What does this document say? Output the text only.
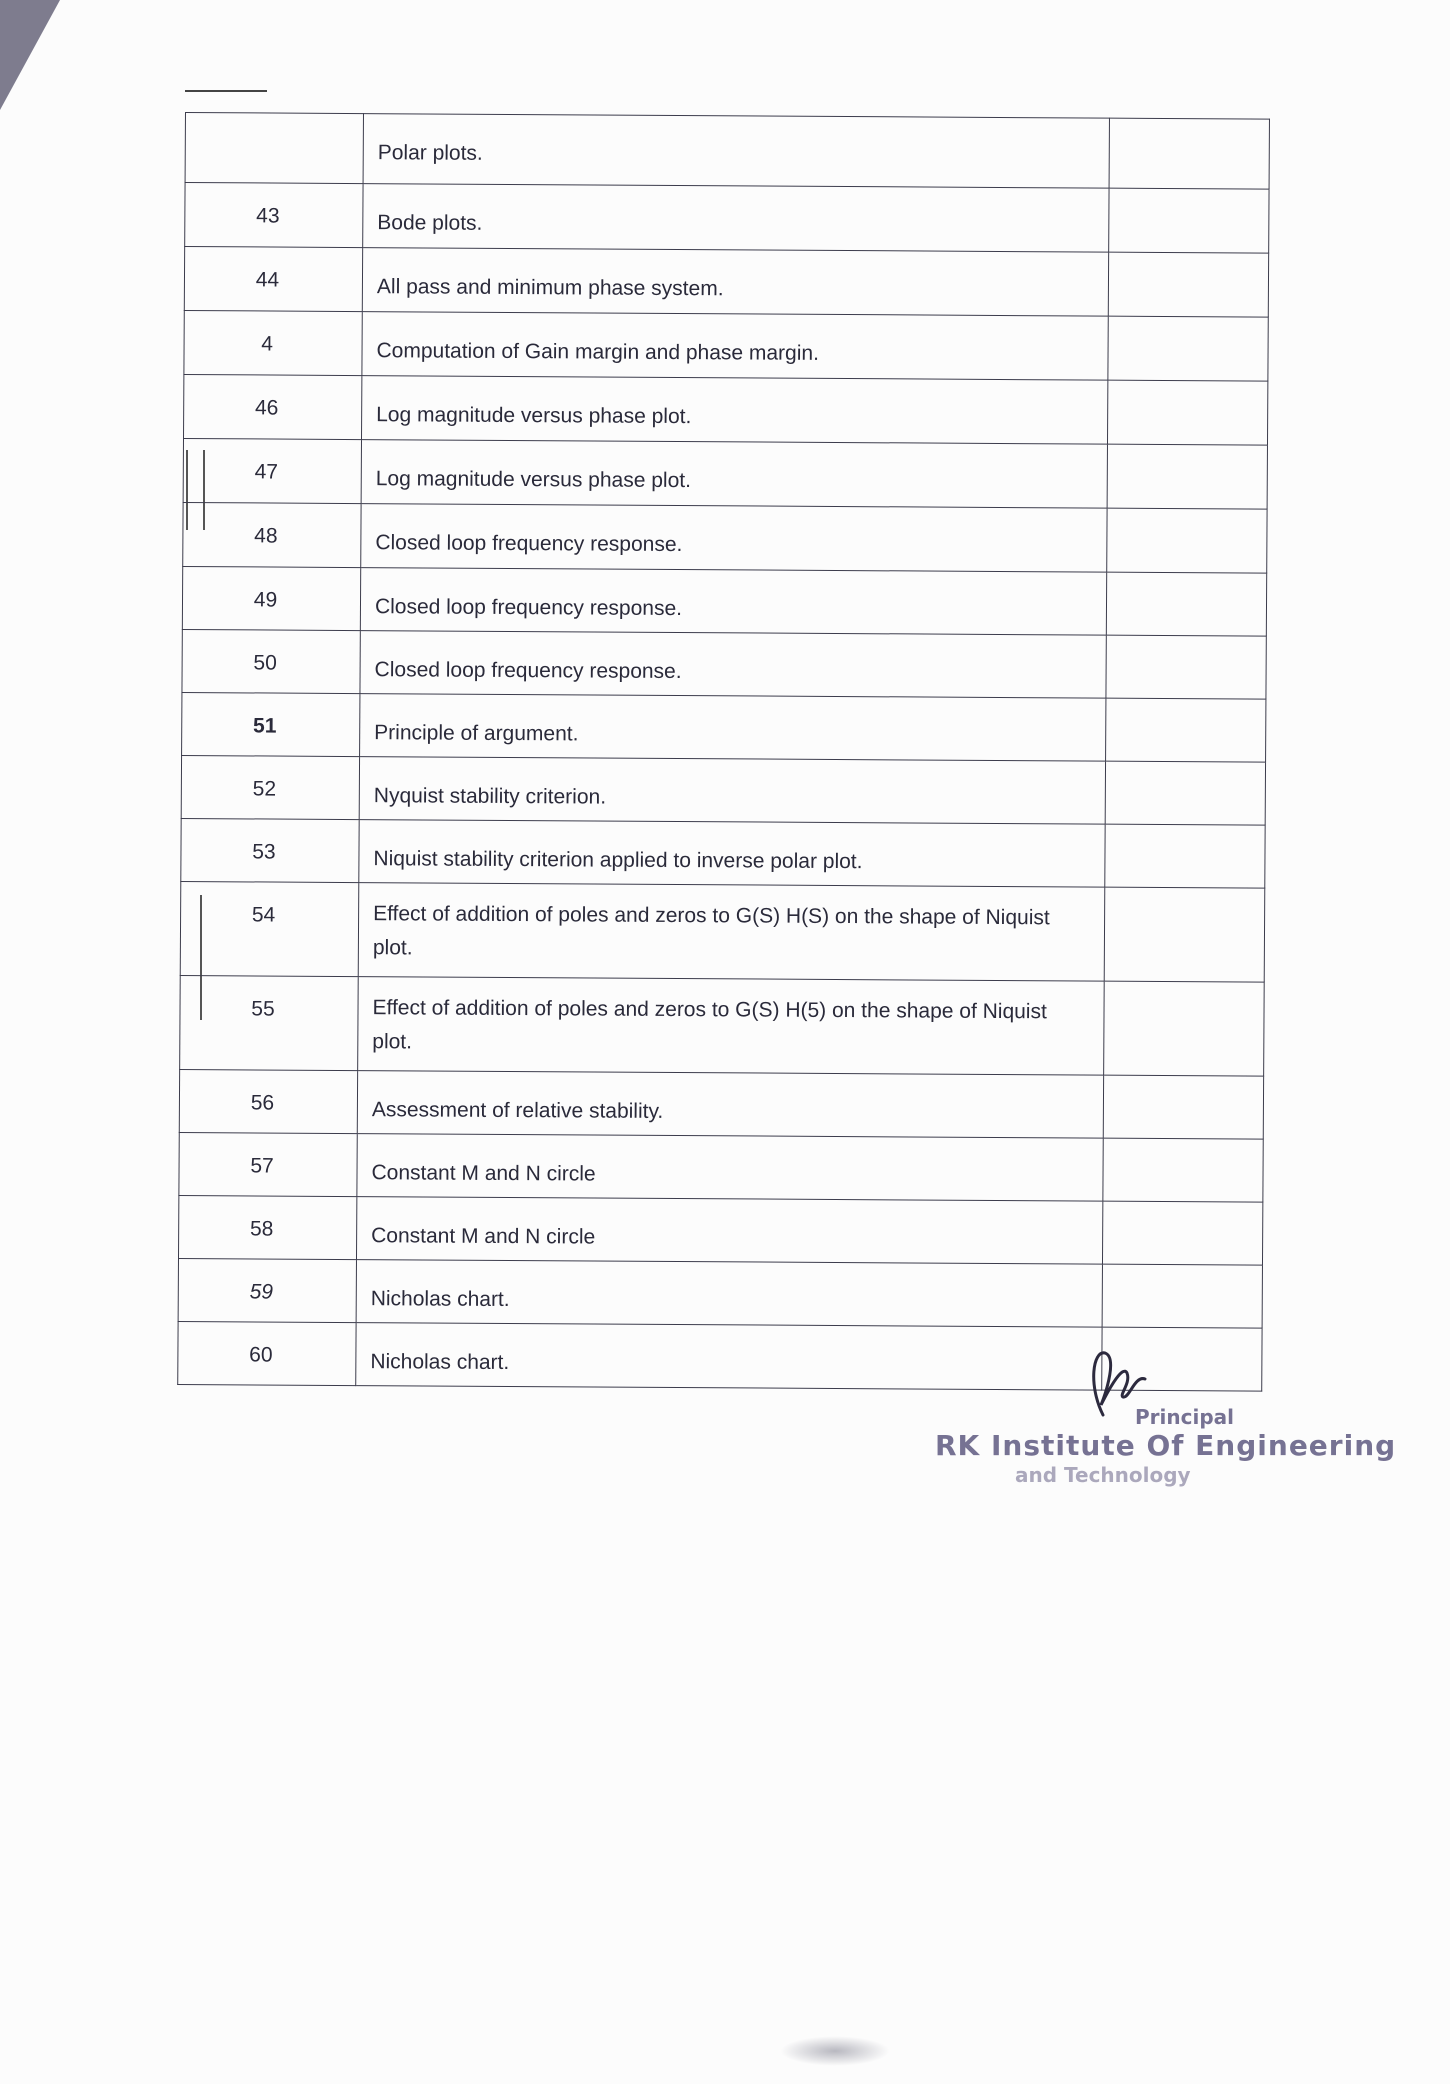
	Polar plots.	
43	Bode plots.	
44	All pass and minimum phase system.	
4	Computation of Gain margin and phase margin.	
46	Log magnitude versus phase plot.	
47	Log magnitude versus phase plot.	
48	Closed loop frequency response.	
49	Closed loop frequency response.	
50	Closed loop frequency response.	
51	Principle of argument.	
52	Nyquist stability criterion.	
53	Niquist stability criterion applied to inverse polar plot.	
54	Effect of addition of poles and zeros to G(S) H(S) on the shape of Niquist plot.	
55	Effect of addition of poles and zeros to G(S) H(5) on the shape of Niquist plot.	
56	Assessment of relative stability.	
57	Constant M and N circle	
58	Constant M and N circle	
59	Nicholas chart.	
60	Nicholas chart.	
Principal
RK Institute Of Engineering
and Technology
